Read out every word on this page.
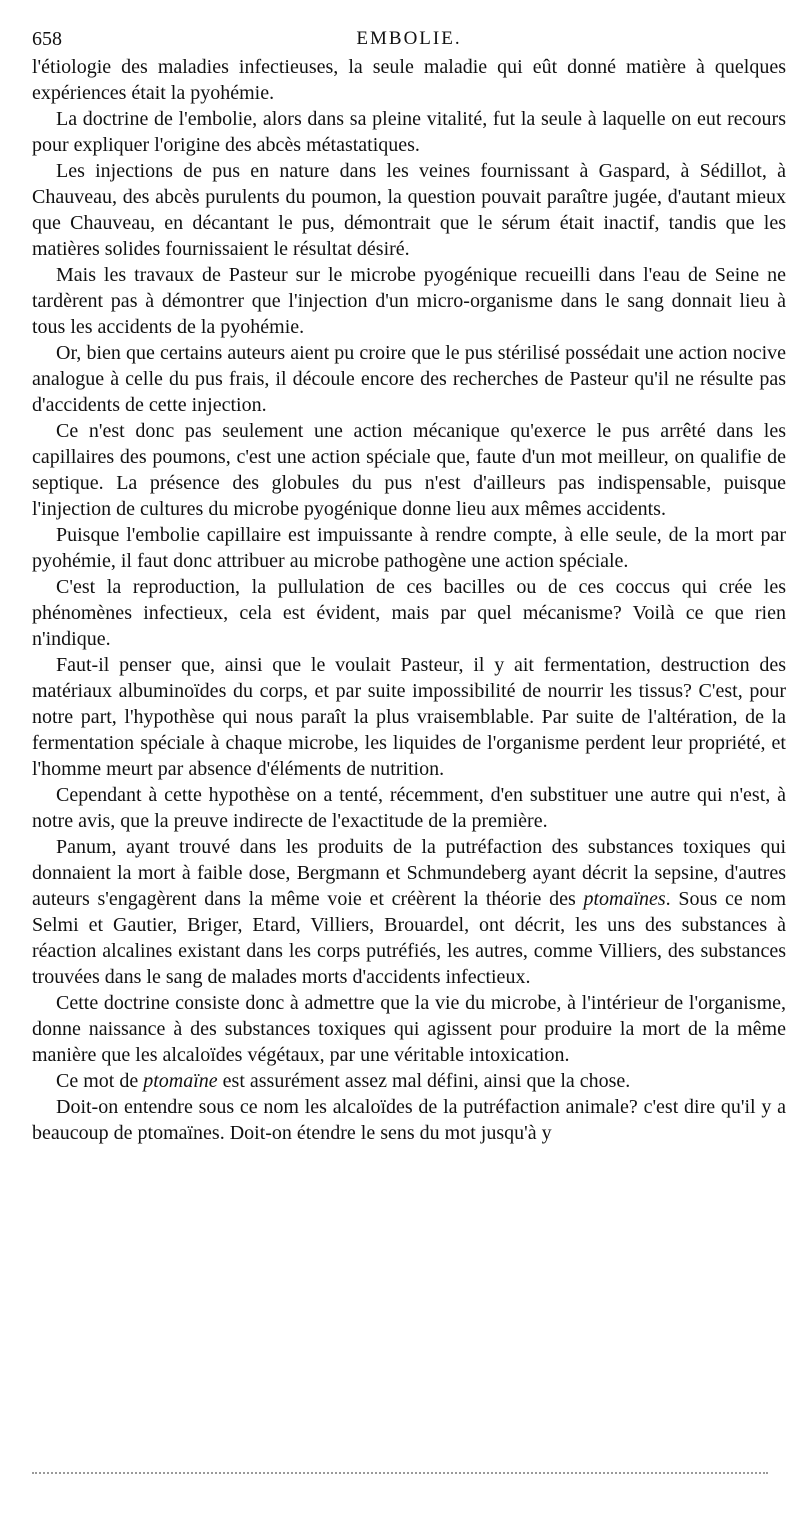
658	EMBOLIE.

l'étiologie des maladies infectieuses, la seule maladie qui eût donné matière à quelques expériences était la pyohémie.

La doctrine de l'embolie, alors dans sa pleine vitalité, fut la seule à laquelle on eut recours pour expliquer l'origine des abcès métastatiques.

Les injections de pus en nature dans les veines fournissant à Gaspard, à Sédillot, à Chauveau, des abcès purulents du poumon, la question pouvait paraître jugée, d'autant mieux que Chauveau, en décantant le pus, démontrait que le sérum était inactif, tandis que les matières solides fournissaient le résultat désiré.

Mais les travaux de Pasteur sur le microbe pyogénique recueilli dans l'eau de Seine ne tardèrent pas à démontrer que l'injection d'un micro-organisme dans le sang donnait lieu à tous les accidents de la pyohémie.

Or, bien que certains auteurs aient pu croire que le pus stérilisé possédait une action nocive analogue à celle du pus frais, il découle encore des recherches de Pasteur qu'il ne résulte pas d'accidents de cette injection.

Ce n'est donc pas seulement une action mécanique qu'exerce le pus arrêté dans les capillaires des poumons, c'est une action spéciale que, faute d'un mot meilleur, on qualifie de septique. La présence des globules du pus n'est d'ailleurs pas indispensable, puisque l'injection de cultures du microbe pyogénique donne lieu aux mêmes accidents.

Puisque l'embolie capillaire est impuissante à rendre compte, à elle seule, de la mort par pyohémie, il faut donc attribuer au microbe pathogène une action spéciale.

C'est la reproduction, la pullulation de ces bacilles ou de ces coccus qui crée les phénomènes infectieux, cela est évident, mais par quel mécanisme? Voilà ce que rien n'indique.

Faut-il penser que, ainsi que le voulait Pasteur, il y ait fermentation, destruction des matériaux albuminoïdes du corps, et par suite impossibilité de nourrir les tissus? C'est, pour notre part, l'hypothèse qui nous paraît la plus vraisemblable. Par suite de l'altération, de la fermentation spéciale à chaque microbe, les liquides de l'organisme perdent leur propriété, et l'homme meurt par absence d'éléments de nutrition.

Cependant à cette hypothèse on a tenté, récemment, d'en substituer une autre qui n'est, à notre avis, que la preuve indirecte de l'exactitude de la première.

Panum, ayant trouvé dans les produits de la putréfaction des substances toxiques qui donnaient la mort à faible dose, Bergmann et Schmundeberg ayant décrit la sepsine, d'autres auteurs s'engagèrent dans la même voie et créèrent la théorie des ptomaïnes. Sous ce nom Selmi et Gautier, Briger, Etard, Villiers, Brouardel, ont décrit, les uns des substances à réaction alcalines existant dans les corps putréfiés, les autres, comme Villiers, des substances trouvées dans le sang de malades morts d'accidents infectieux.

Cette doctrine consiste donc à admettre que la vie du microbe, à l'intérieur de l'organisme, donne naissance à des substances toxiques qui agissent pour produire la mort de la même manière que les alcaloïdes végétaux, par une véritable intoxication.

Ce mot de ptomaïne est assurément assez mal défini, ainsi que la chose.

Doit-on entendre sous ce nom les alcaloïdes de la putréfaction animale? c'est dire qu'il y a beaucoup de ptomaïnes. Doit-on étendre le sens du mot jusqu'à y
